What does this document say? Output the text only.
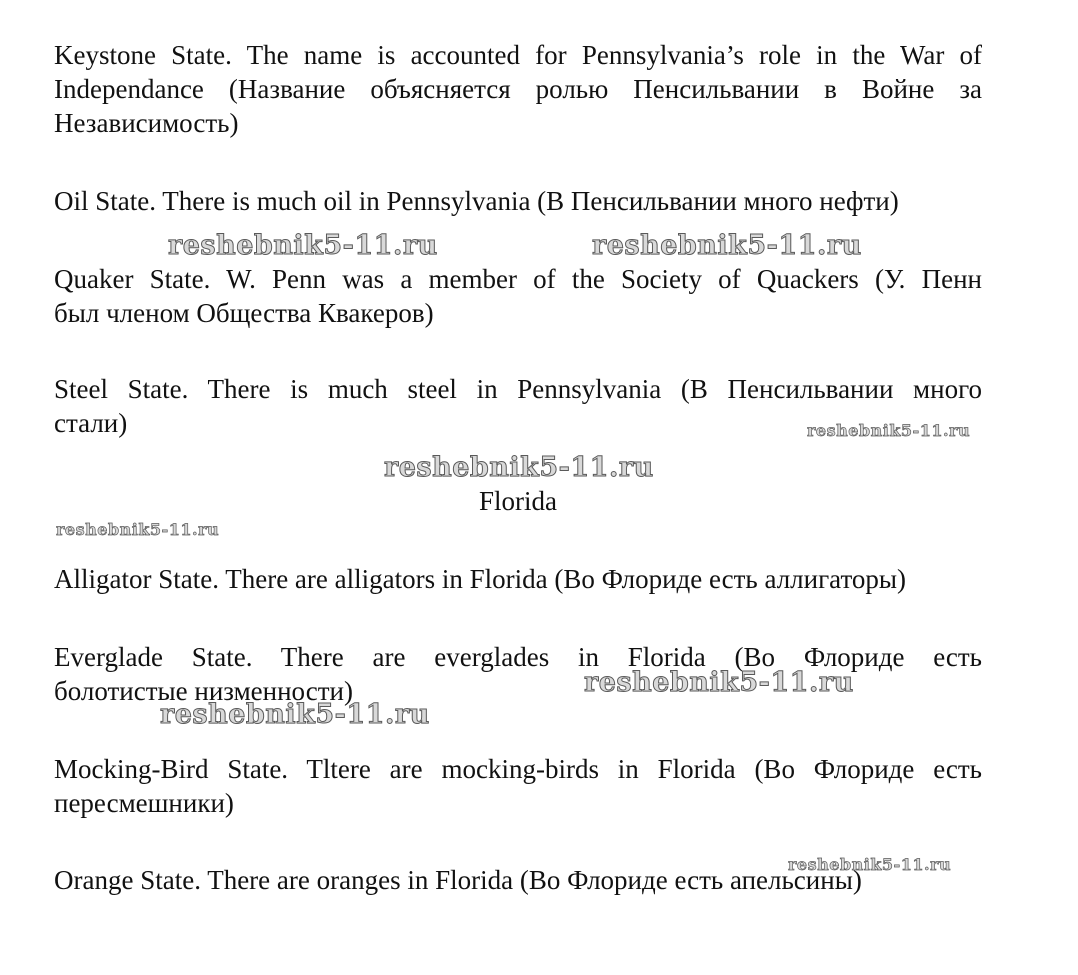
Keystone State. The name is accounted for Pennsylvania’s role in the War of
Independance (Название объясняется ролью Пенсильвании в Войне за
Независимость)
Oil State. There is much oil in Pennsylvania (В Пенсильвании много нефти)
reshebnik5-11.ru	reshebnik5-11.ru
Quaker State. W. Penn was a member of the Society of Quackers (У. Пенн
был членом Общества Квакеров)
Steel State. There is much steel in Pennsylvania (В Пенсильвании много
стали)	reshebnik5-11.ru
reshebnik5-11.ru
Florida
reshebnik5-11.ru
Alligator State. There are alligators in Florida (Во Флориде есть аллигаторы)
Everglade State. There are everglades in Florida (Во Флориде есть
болотистые низменности)	reshebnik5-11.ru
reshebnik5-11.ru
Mocking-Bird State. Tltere are mocking-birds in Florida (Во Флориде есть
пересмешники)
Orange State. There are oranges in Florida (Во Флориде есть апельсины)
reshebnik5-11.ru
